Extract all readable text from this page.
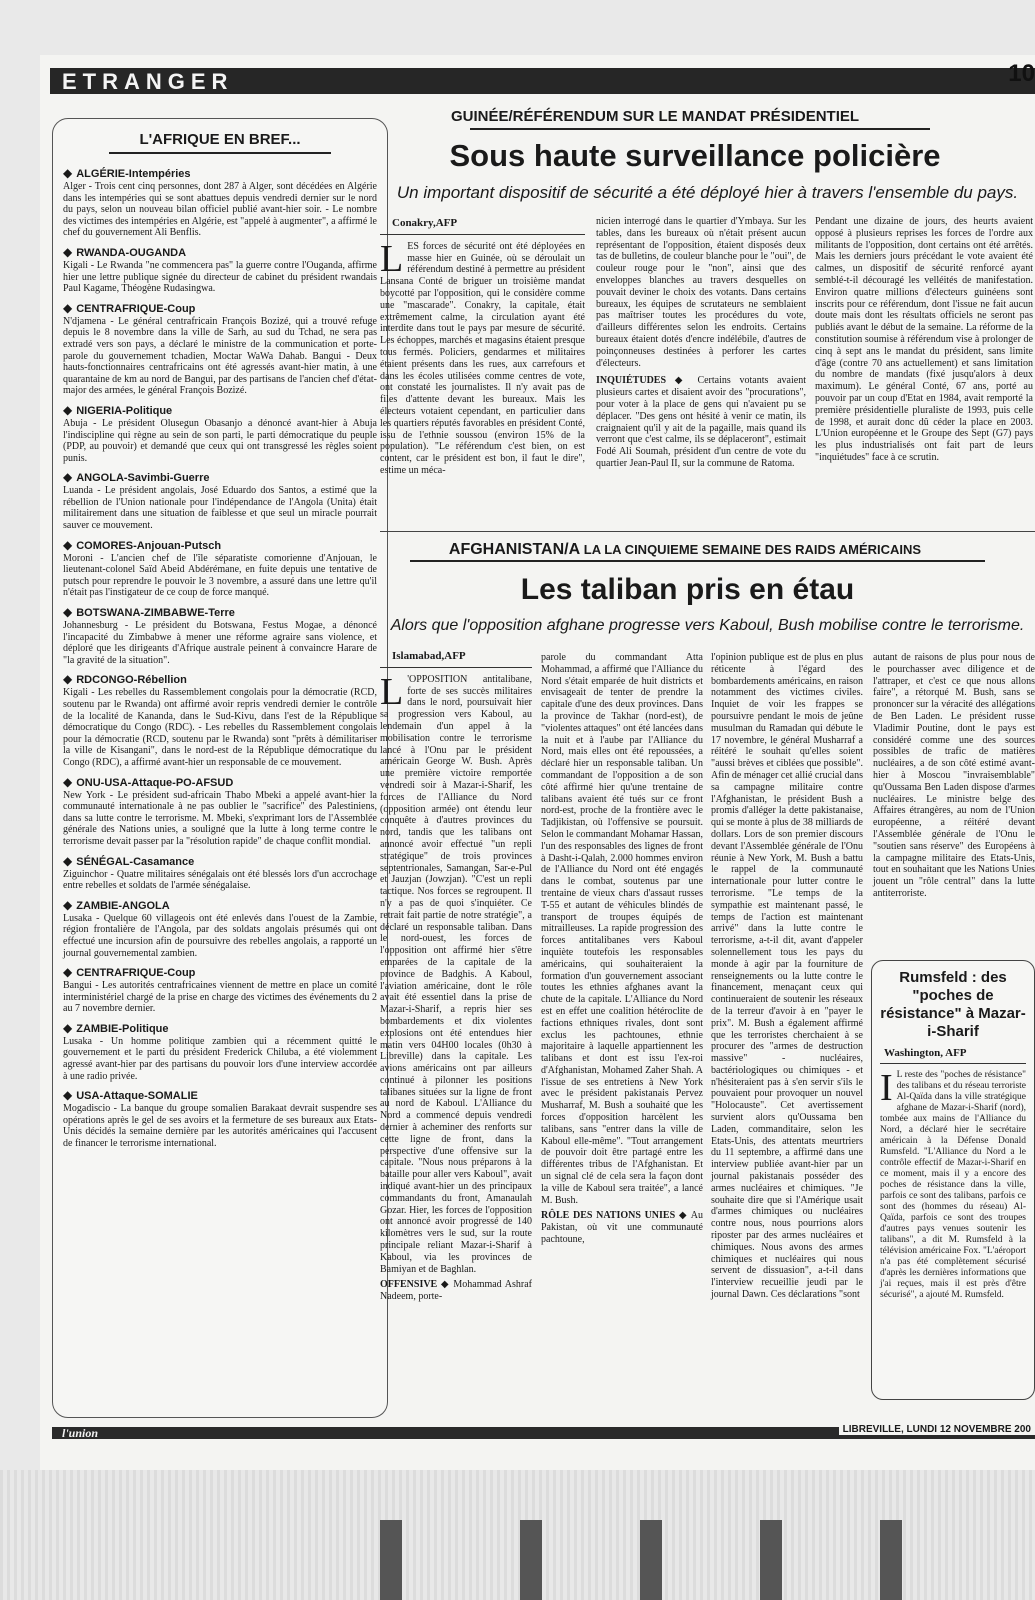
ETRANGER	10
L'AFRIQUE EN BREF...
◆ ALGÉRIE-Intempéries
Alger - Trois cent cinq personnes, dont 287 à Alger, sont décédées en Algérie dans les intempéries qui se sont abattues depuis vendredi dernier sur le nord du pays, selon un nouveau bilan officiel publié avant-hier soir. - Le nombre des victimes des intempéries en Algérie, est "appelé à augmenter", a affirmé le chef du gouvernement Ali Benflis.
◆ RWANDA-OUGANDA
Kigali - Le Rwanda "ne commencera pas" la guerre contre l'Ouganda, affirme hier une lettre publique signée du directeur de cabinet du président rwandais Paul Kagame, Théogène Rudasingwa.
◆ CENTRAFRIQUE-Coup
N'djamena - Le général centrafricain François Bozizé, qui a trouvé refuge depuis le 8 novembre dans la ville de Sarh, au sud du Tchad, ne sera pas extradé vers son pays, a déclaré le ministre de la communication et porte-parole du gouvernement tchadien, Moctar WaWa Dahab. Bangui - Deux hauts-fonctionnaires centrafricains ont été agressés avant-hier matin, à une quarantaine de km au nord de Bangui, par des partisans de l'ancien chef d'état-major des armées, le général François Bozizé.
◆ NIGERIA-Politique
Abuja - Le président Olusegun Obasanjo a dénoncé avant-hier à Abuja l'indiscipline qui règne au sein de son parti, le parti démocratique du peuple (PDP, au pouvoir) et demandé que ceux qui ont transgressé les règles soient punis.
◆ ANGOLA-Savimbi-Guerre
Luanda - Le président angolais, José Eduardo dos Santos, a estimé que la rébellion de l'Union nationale pour l'indépendance de l'Angola (Unita) était militairement dans une situation de faiblesse et que seul un miracle pourrait sauver ce mouvement.
◆ COMORES-Anjouan-Putsch
Moroni - L'ancien chef de l'île séparatiste comorienne d'Anjouan, le lieutenant-colonel Saïd Abeid Abdérémane, en fuite depuis une tentative de putsch pour reprendre le pouvoir le 3 novembre, a assuré dans une lettre qu'il n'était pas l'instigateur de ce coup de force manqué.
◆ BOTSWANA-ZIMBABWE-Terre
Johannesburg - Le président du Botswana, Festus Mogae, a dénoncé l'incapacité du Zimbabwe à mener une réforme agraire sans violence, et déploré que les dirigeants d'Afrique australe peinent à convaincre Harare de "la gravité de la situation".
◆ RDCONGO-Rébellion
Kigali - Les rebelles du Rassemblement congolais pour la démocratie (RCD, soutenu par le Rwanda) ont affirmé avoir repris vendredi dernier le contrôle de la localité de Kananda, dans le Sud-Kivu, dans l'est de la République démocratique du Congo (RDC). - Les rebelles du Rassemblement congolais pour la démocratie (RCD, soutenu par le Rwanda) sont "prêts à démilitariser la ville de Kisangani", dans le nord-est de la République démocratique du Congo (RDC), a affirmé avant-hier un responsable de ce mouvement.
◆ ONU-USA-Attaque-PO-AFSUD
New York - Le président sud-africain Thabo Mbeki a appelé avant-hier la communauté internationale à ne pas oublier le "sacrifice" des Palestiniens, dans sa lutte contre le terrorisme. M. Mbeki, s'exprimant lors de l'Assemblée générale des Nations unies, a souligné que la lutte à long terme contre le terrorisme devait passer par la "résolution rapide" de chaque conflit mondial.
◆ SÉNÉGAL-Casamance
Ziguinchor - Quatre militaires sénégalais ont été blessés lors d'un accrochage entre rebelles et soldats de l'armée sénégalaise.
◆ ZAMBIE-ANGOLA
Lusaka - Quelque 60 villageois ont été enlevés dans l'ouest de la Zambie, région frontalière de l'Angola, par des soldats angolais présumés qui ont effectué une incursion afin de poursuivre des rebelles angolais, a rapporté un journal gouvernemental zambien.
◆ CENTRAFRIQUE-Coup
Bangui - Les autorités centrafricaines viennent de mettre en place un comité interministériel chargé de la prise en charge des victimes des événements du 2 au 7 novembre dernier.
◆ ZAMBIE-Politique
Lusaka - Un homme politique zambien qui a récemment quitté le gouvernement et le parti du président Frederick Chiluba, a été violemment agressé avant-hier par des partisans du pouvoir lors d'une interview accordée à une radio privée.
◆ USA-Attaque-SOMALIE
Mogadiscio - La banque du groupe somalien Barakaat devrait suspendre ses opérations après le gel de ses avoirs et la fermeture de ses bureaux aux Etats-Unis décidés la semaine dernière par les autorités américaines qui l'accusent de financer le terrorisme international.
GUINÉE/RÉFÉRENDUM SUR LE MANDAT PRÉSIDENTIEL
Sous haute surveillance policière
Un important dispositif de sécurité a été déployé hier à travers l'ensemble du pays.
Conakry,AFP
L ES forces de sécurité ont été déployées en masse hier en Guinée, où se déroulait un référendum destiné à permettre au président Lansana Conté de briguer un troisième mandat boycotté par l'opposition, qui le considère comme une "mascarade". Conakry, la capitale, était extrêmement calme, la circulation ayant été interdite dans tout le pays par mesure de sécurité. Les échoppes, marchés et magasins étaient presque tous fermés. Policiers, gendarmes et militaires étaient présents dans les rues, aux carrefours et dans les écoles utilisées comme centres de vote, ont constaté les journalistes. Il n'y avait pas de files d'attente devant les bureaux. Mais les électeurs votaient cependant, en particulier dans les quartiers réputés favorables en président Conté, issu de l'ethnie soussou (environ 15% de la population). "Le référendum c'est bien, on est content, car le président est bon, il faut le dire", estime un méca-

nicien interrogé dans le quartier d'Ymbaya. Sur les tables, dans les bureaux où n'était présent aucun représentant de l'opposition, étaient disposés deux tas de bulletins, de couleur blanche pour le "oui", de couleur rouge pour le "non", ainsi que des enveloppes blanches au travers desquelles on pouvait deviner le choix des votants. Dans certains bureaux, les équipes de scrutateurs ne semblaient pas maîtriser toutes les procédures du vote, d'ailleurs différentes selon les endroits. Certains bureaux étaient dotés d'encre indélébile, d'autres de poinçonneuses destinées à perforer les cartes d'électeurs.

INQUIÉTUDES ◆ Certains votants avaient plusieurs cartes et disaient avoir des "procurations", pour voter à la place de gens qui n'avaient pu se déplacer. "Des gens ont hésité à venir ce matin, ils craignaient qu'il y ait de la pagaille, mais quand ils verront que c'est calme, ils se déplaceront", estimait Fodé Ali Soumah, président d'un centre de vote du quartier Jean-Paul II, sur la commune de Ratoma.

Pendant une dizaine de jours, des heurts avaient opposé à plusieurs reprises les forces de l'ordre aux militants de l'opposition, dont certains ont été arrêtés. Mais les derniers jours précédant le vote avaient été calmes, un dispositif de sécurité renforcé ayant semblé-t-il découragé les velléités de manifestation. Environ quatre millions d'électeurs guinéens sont inscrits pour ce référendum, dont l'issue ne fait aucun doute mais dont les résultats officiels ne seront pas publiés avant le début de la semaine. La réforme de la constitution soumise à référendum vise à prolonger de cinq à sept ans le mandat du président, sans limite d'âge (contre 70 ans actuellement) et sans limitation du nombre de mandats (fixé jusqu'alors à deux maximum). Le général Conté, 67 ans, porté au pouvoir par un coup d'Etat en 1984, avait remporté la première présidentielle pluraliste de 1993, puis celle de 1998, et aurait donc dû céder la place en 2003. L'Union européenne et le Groupe des Sept (G7) pays les plus industrialisés ont fait part de leurs "inquiétudes" face à ce scrutin.

AFGHANISTAN/A LA LA CINQUIEME SEMAINE DES RAIDS AMÉRICAINS
Les taliban pris en étau
Alors que l'opposition afghane progresse vers Kaboul, Bush mobilise contre le terrorisme.
Islamabad,AFP
L 'OPPOSITION antitalibane, forte de ses succès militaires dans le nord, poursuivait hier sa progression vers Kaboul, au lendemain d'un appel à la mobilisation contre le terrorisme lancé à l'Onu par le président américain George W. Bush. Après une première victoire remportée vendredi soir à Mazar-i-Sharif, les forces de l'Alliance du Nord (opposition armée) ont étendu leur conquête à d'autres provinces du nord, tandis que les talibans ont annoncé avoir effectué "un repli stratégique" de trois provinces septentrionales, Samangan, Sar-e-Pul et Jauzjan (Jowzjan). "C'est un repli tactique. Nos forces se regroupent. Il n'y a pas de quoi s'inquiéter. Ce retrait fait partie de notre stratégie", a déclaré un responsable taliban. Dans le nord-ouest, les forces de l'opposition ont affirmé hier s'être emparées de la capitale de la province de Badghis. A Kaboul, l'aviation américaine, dont le rôle avait été essentiel dans la prise de Mazar-i-Sharif, a repris hier ses bombardements et dix violentes explosions ont été entendues hier matin vers 04H00 locales (0h30 à Libreville) dans la capitale. Les avions américains ont par ailleurs continué à pilonner les positions talibanes situées sur la ligne de front au nord de Kaboul. L'Alliance du Nord a commencé depuis vendredi dernier à acheminer des renforts sur cette ligne de front, dans la perspective d'une offensive sur la capitale. "Nous nous préparons à la bataille pour aller vers Kaboul", avait indiqué avant-hier un des principaux commandants du front, Amanaulah Gozar. Hier, les forces de l'opposition ont annoncé avoir progressé de 140 kilomètres vers le sud, sur la route principale reliant Mazar-i-Sharif à Kaboul, via les provinces de Bamiyan et de Baghlan.

OFFENSIVE ◆ Mohammad Ashraf Nadeem, porte-

parole du commandant Atta Mohammad, a affirmé que l'Alliance du Nord s'était emparée de huit districts et envisageait de tenter de prendre la capitale d'une des deux provinces. Dans la province de Takhar (nord-est), de "violentes attaques" ont été lancées dans la nuit et à l'aube par l'Alliance du Nord, mais elles ont été repoussées, a déclaré hier un responsable taliban. Un commandant de l'opposition a de son côté affirmé hier qu'une trentaine de talibans avaient été tués sur ce front nord-est, proche de la frontière avec le Tadjikistan, où l'offensive se poursuit. Selon le commandant Mohamar Hassan, l'un des responsables des lignes de front à Dasht-i-Qalah, 2.000 hommes environ de l'Alliance du Nord ont été engagés dans le combat, soutenus par une trentaine de vieux chars d'assaut russes T-55 et autant de véhicules blindés de transport de troupes équipés de mitrailleuses. La rapide progression des forces antitalibanes vers Kaboul inquiète toutefois les responsables américains, qui souhaiteraient la formation d'un gouvernement associant toutes les ethnies afghanes avant la chute de la capitale. L'Alliance du Nord est en effet une coalition hétéroclite de factions ethniques rivales, dont sont exclus les pachtounes, ethnie majoritaire à laquelle appartiennent les talibans et dont est issu l'ex-roi d'Afghanistan, Mohamed Zaher Shah. A l'issue de ses entretiens à New York avec le président pakistanais Pervez Musharraf, M. Bush a souhaité que les forces d'opposition harcèlent les talibans, sans "entrer dans la ville de Kaboul elle-même". "Tout arrangement de pouvoir doit être partagé entre les différentes tribus de l'Afghanistan. Et un signal clé de cela sera la façon dont la ville de Kaboul sera traitée", a lancé M. Bush.

RÔLE DES NATIONS UNIES ◆ Au Pakistan, où vit une communauté pachtoune,

l'opinion publique est de plus en plus réticente à l'égard des bombardements américains, en raison notamment des victimes civiles. Inquiet de voir les frappes se poursuivre pendant le mois de jeûne musulman du Ramadan qui débute le 17 novembre, le général Musharraf a réitéré le souhait qu'elles soient "aussi brèves et ciblées que possible". Afin de ménager cet allié crucial dans sa campagne militaire contre l'Afghanistan, le président Bush a promis d'alléger la dette pakistanaise, qui se monte à plus de 38 milliards de dollars. Lors de son premier discours devant l'Assemblée générale de l'Onu réunie à New York, M. Bush a battu le rappel de la communauté internationale pour lutter contre le terrorisme. "Le temps de la sympathie est maintenant passé, le temps de l'action est maintenant arrivé" dans la lutte contre le terrorisme, a-t-il dit, avant d'appeler solennellement tous les pays du monde à agir par la fourniture de renseignements ou la lutte contre le financement, menaçant ceux qui continueraient de soutenir les réseaux de la terreur d'avoir à en "payer le prix". M. Bush a également affirmé que les terroristes cherchaient à se procurer des "armes de destruction massive" - nucléaires, bactériologiques ou chimiques - et n'hésiteraient pas à s'en servir s'ils le pouvaient pour provoquer un nouvel "Holocauste". Cet avertissement survient alors qu'Oussama ben Laden, commanditaire, selon les Etats-Unis, des attentats meurtriers du 11 septembre, a affirmé dans une interview publiée avant-hier par un journal pakistanais posséder des armes nucléaires et chimiques. "Je souhaite dire que si l'Amérique usait d'armes chimiques ou nucléaires contre nous, nous pourrions alors riposter par des armes nucléaires et chimiques. Nous avons des armes chimiques et nucléaires qui nous servent de dissuasion", a-t-il dans l'interview recueillie jeudi par le journal Dawn. Ces déclarations "sont

autant de raisons de plus pour nous de le pourchasser avec diligence et de l'attraper, et c'est ce que nous allons faire", a rétorqué M. Bush, sans se prononcer sur la véracité des allégations de Ben Laden. Le président russe Vladimir Poutine, dont le pays est considéré comme une des sources possibles de trafic de matières nucléaires, a de son côté estimé avant-hier à Moscou "invraisemblable" qu'Oussama Ben Laden dispose d'armes nucléaires. Le ministre belge des Affaires étrangères, au nom de l'Union européenne, a réitéré devant l'Assemblée générale de l'Onu le "soutien sans réserve" des Européens à la campagne militaire des Etats-Unis, tout en souhaitant que les Nations Unies jouent un "rôle central" dans la lutte antiterroriste.

Rumsfeld : des "poches de résistance" à Mazar-i-Sharif
Washington, AFP
I L reste des "poches de résistance" des talibans et du réseau terroriste Al-Qaïda dans la ville stratégique afghane de Mazar-i-Sharif (nord), tombée aux mains de l'Alliance du Nord, a déclaré hier le secrétaire américain à la Défense Donald Rumsfeld. "L'Alliance du Nord a le contrôle effectif de Mazar-i-Sharif en ce moment, mais il y a encore des poches de résistance dans la ville, parfois ce sont des talibans, parfois ce sont des (hommes du réseau) Al-Qaïda, parfois ce sont des troupes d'autres pays venues soutenir les talibans", a dit M. Rumsfeld à la télévision américaine Fox. "L'aéroport n'a pas été complètement sécurisé d'après les dernières informations que j'ai reçues, mais il est près d'être sécurisé", a ajouté M. Rumsfeld.
l'union	LIBREVILLE, LUNDI 12 NOVEMBRE 200
